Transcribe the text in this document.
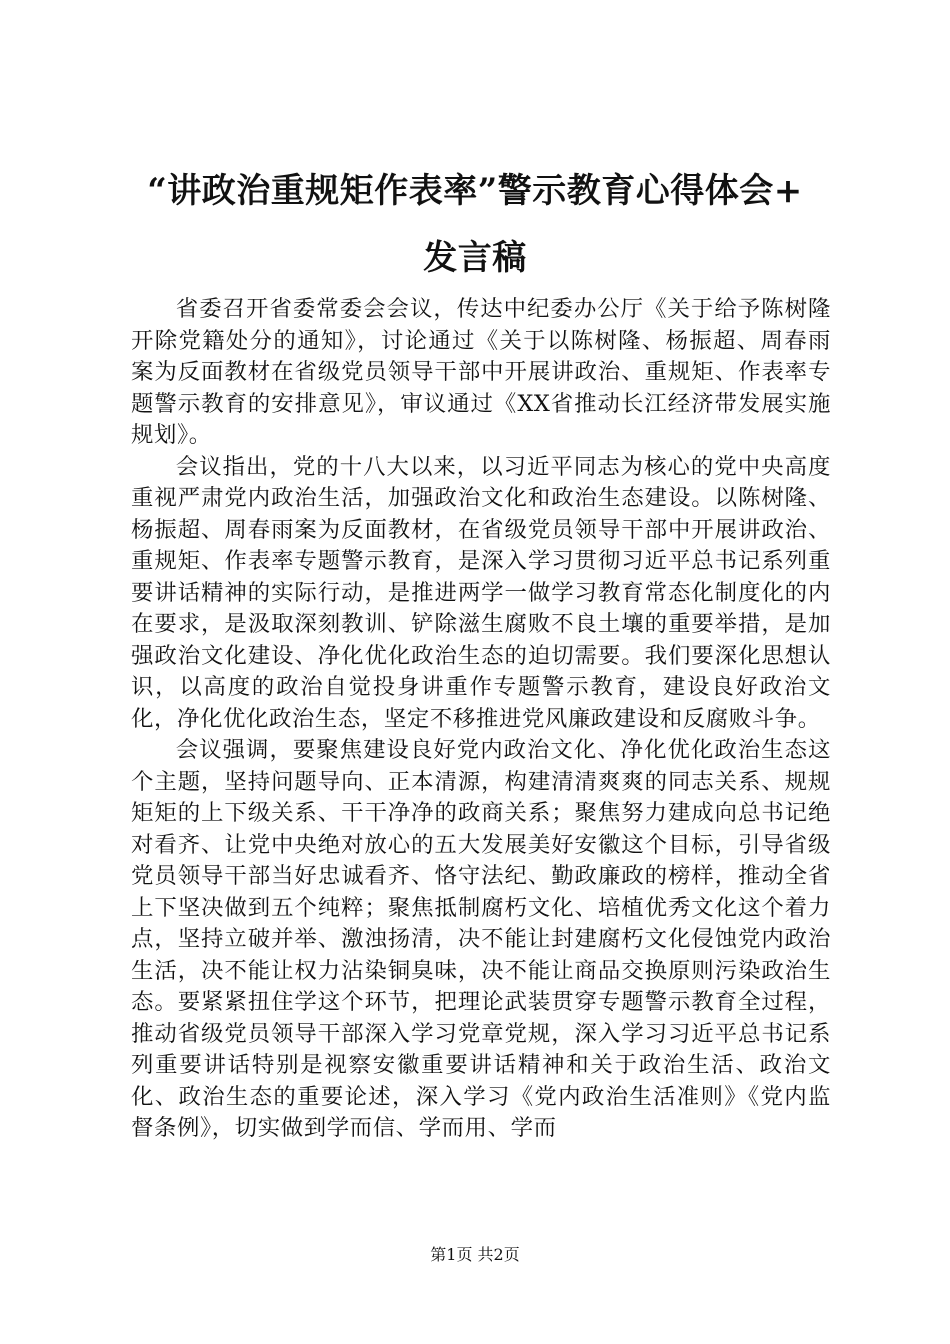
“讲政治重规矩作表率”警示教育心得体会+
发言稿

省委召开省委常委会会议，传达中纪委办公厅《关于给予陈树隆开除党籍处分的通知》，讨论通过《关于以陈树隆、杨振超、周春雨案为反面教材在省级党员领导干部中开展讲政治、重规矩、作表率专题警示教育的安排意见》，审议通过《XX省推动长江经济带发展实施规划》。

会议指出，党的十八大以来，以习近平同志为核心的党中央高度重视严肃党内政治生活，加强政治文化和政治生态建设。以陈树隆、杨振超、周春雨案为反面教材，在省级党员领导干部中开展讲政治、重规矩、作表率专题警示教育，是深入学习贯彻习近平总书记系列重要讲话精神的实际行动，是推进两学一做学习教育常态化制度化的内在要求，是汲取深刻教训、铲除滋生腐败不良土壤的重要举措，是加强政治文化建设、净化优化政治生态的迫切需要。我们要深化思想认识，以高度的政治自觉投身讲重作专题警示教育，建设良好政治文化，净化优化政治生态，坚定不移推进党风廉政建设和反腐败斗争。

会议强调，要聚焦建设良好党内政治文化、净化优化政治生态这个主题，坚持问题导向、正本清源，构建清清爽爽的同志关系、规规矩矩的上下级关系、干干净净的政商关系；聚焦努力建成向总书记绝对看齐、让党中央绝对放心的五大发展美好安徽这个目标，引导省级党员领导干部当好忠诚看齐、恪守法纪、勤政廉政的榜样，推动全省上下坚决做到五个纯粹；聚焦抵制腐朽文化、培植优秀文化这个着力点，坚持立破并举、激浊扬清，决不能让封建腐朽文化侵蚀党内政治生活，决不能让权力沾染铜臭味，决不能让商品交换原则污染政治生态。要紧紧扭住学这个环节，把理论武装贯穿专题警示教育全过程，推动省级党员领导干部深入学习党章党规，深入学习习近平总书记系列重要讲话特别是视察安徽重要讲话精神和关于政治生活、政治文化、政治生态的重要论述，深入学习《党内政治生活准则》《党内监督条例》，切实做到学而信、学而用、学而

第1页 共2页
